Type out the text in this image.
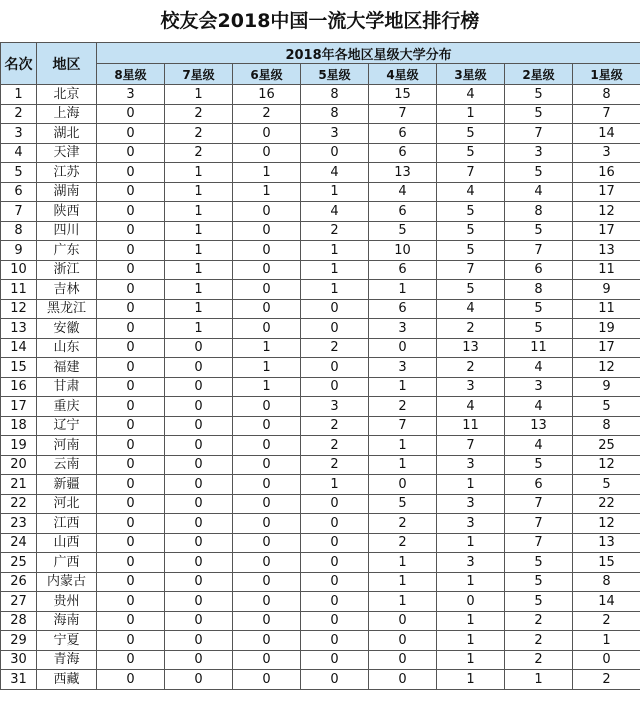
校友会2018中国一流大学地区排行榜
名次	地区	2018年各地区星级大学分布							
		8星级	7星级	6星级	5星级	4星级	3星级	2星级	1星级
1	北京	3	1	16	8	15	4	5	8
2	上海	0	2	2	8	7	1	5	7
3	湖北	0	2	0	3	6	5	7	14
4	天津	0	2	0	0	6	5	3	3
5	江苏	0	1	1	4	13	7	5	16
6	湖南	0	1	1	1	4	4	4	17
7	陕西	0	1	0	4	6	5	8	12
8	四川	0	1	0	2	5	5	5	17
9	广东	0	1	0	1	10	5	7	13
10	浙江	0	1	0	1	6	7	6	11
11	吉林	0	1	0	1	1	5	8	9
12	黑龙江	0	1	0	0	6	4	5	11
13	安徽	0	1	0	0	3	2	5	19
14	山东	0	0	1	2	0	13	11	17
15	福建	0	0	1	0	3	2	4	12
16	甘肃	0	0	1	0	1	3	3	9
17	重庆	0	0	0	3	2	4	4	5
18	辽宁	0	0	0	2	7	11	13	8
19	河南	0	0	0	2	1	7	4	25
20	云南	0	0	0	2	1	3	5	12
21	新疆	0	0	0	1	0	1	6	5
22	河北	0	0	0	0	5	3	7	22
23	江西	0	0	0	0	2	3	7	12
24	山西	0	0	0	0	2	1	7	13
25	广西	0	0	0	0	1	3	5	15
26	内蒙古	0	0	0	0	1	1	5	8
27	贵州	0	0	0	0	1	0	5	14
28	海南	0	0	0	0	0	1	2	2
29	宁夏	0	0	0	0	0	1	2	1
30	青海	0	0	0	0	0	1	2	0
31	西藏	0	0	0	0	0	1	1	2
